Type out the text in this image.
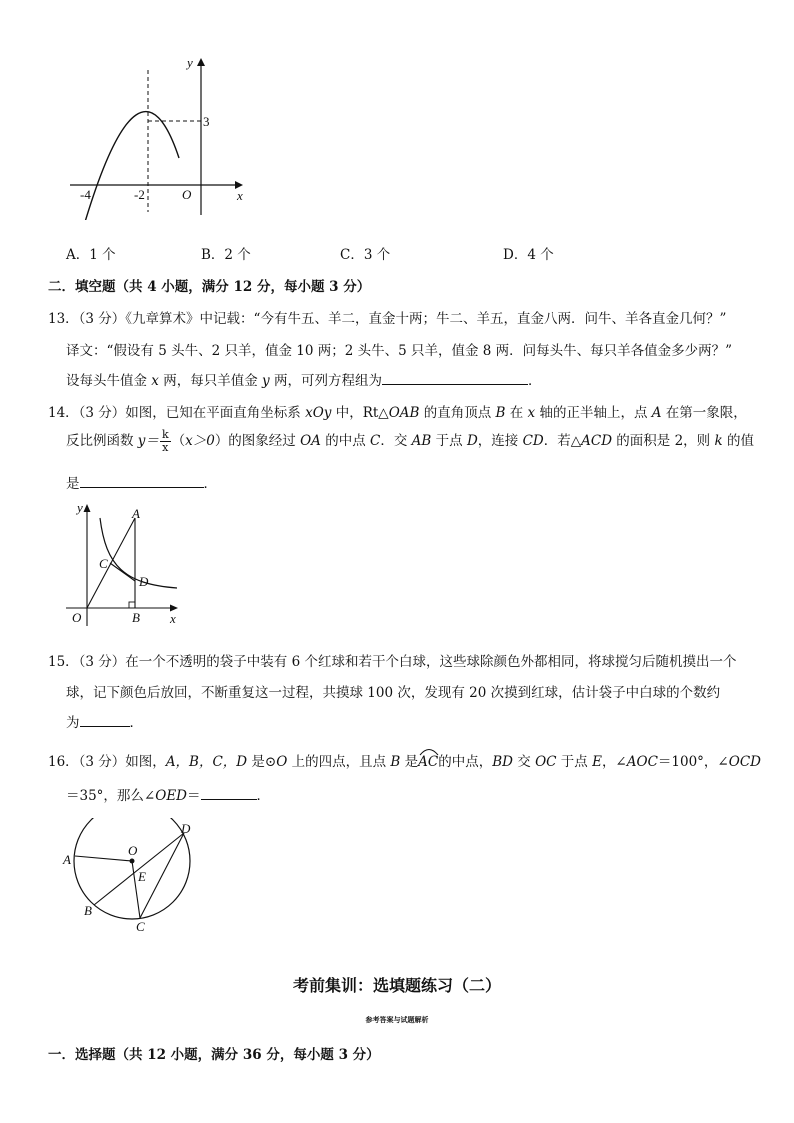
y
x
O
-4	-2
3
A．1 个	B．2 个	C．3 个	D．4 个
二．填空题（共 4 小题，满分 12 分，每小题 3 分）
13．（3 分）《九章算术》中记载：“今有牛五、羊二，直金十两；牛二、羊五，直金八两．问牛、羊各直金几何？”
译文：“假设有 5 头牛、2 只羊，值金 10 两；2 头牛、5 只羊，值金 8 两．问每头牛、每只羊各值金多少两？”
设每头牛值金 x 两，每只羊值金 y 两，可列方程组为	．
14．（3 分）如图，已知在平面直角坐标系 xOy 中，Rt△OAB 的直角顶点 B 在 x 轴的正半轴上，点 A 在第一象限，
反比例函数 $y= \frac{k}{x} (x>0)$的图象经过 OA 的中点 C．交 AB 于点 D，连接 CD．若△ACD 的面积是 2，则 k 的值
是	．
y
x
O
A
B
C
D
15．（3 分）在一个不透明的袋子中装有 6 个红球和若干个白球，这些球除颜色外都相同，将球搅匀后随机摸出一个
球，记下颜色后放回，不断重复这一过程，共摸球 100 次，发现有 20 次摸到红球，估计袋子中白球的个数约
为	．
16．（3 分）如图，A，B，C，D 是⊙O 上的四点，且点 B 是
AC的中点，BD 交 OC 于点 E，∠AOC＝100°，∠OCD
＝35°，那么∠OED＝	．
A
B
C
D
O
E
考前集训：选填题练习（二）
参考答案与试题解析
一．选择题（共 12 小题，满分 36 分，每小题 3 分）
